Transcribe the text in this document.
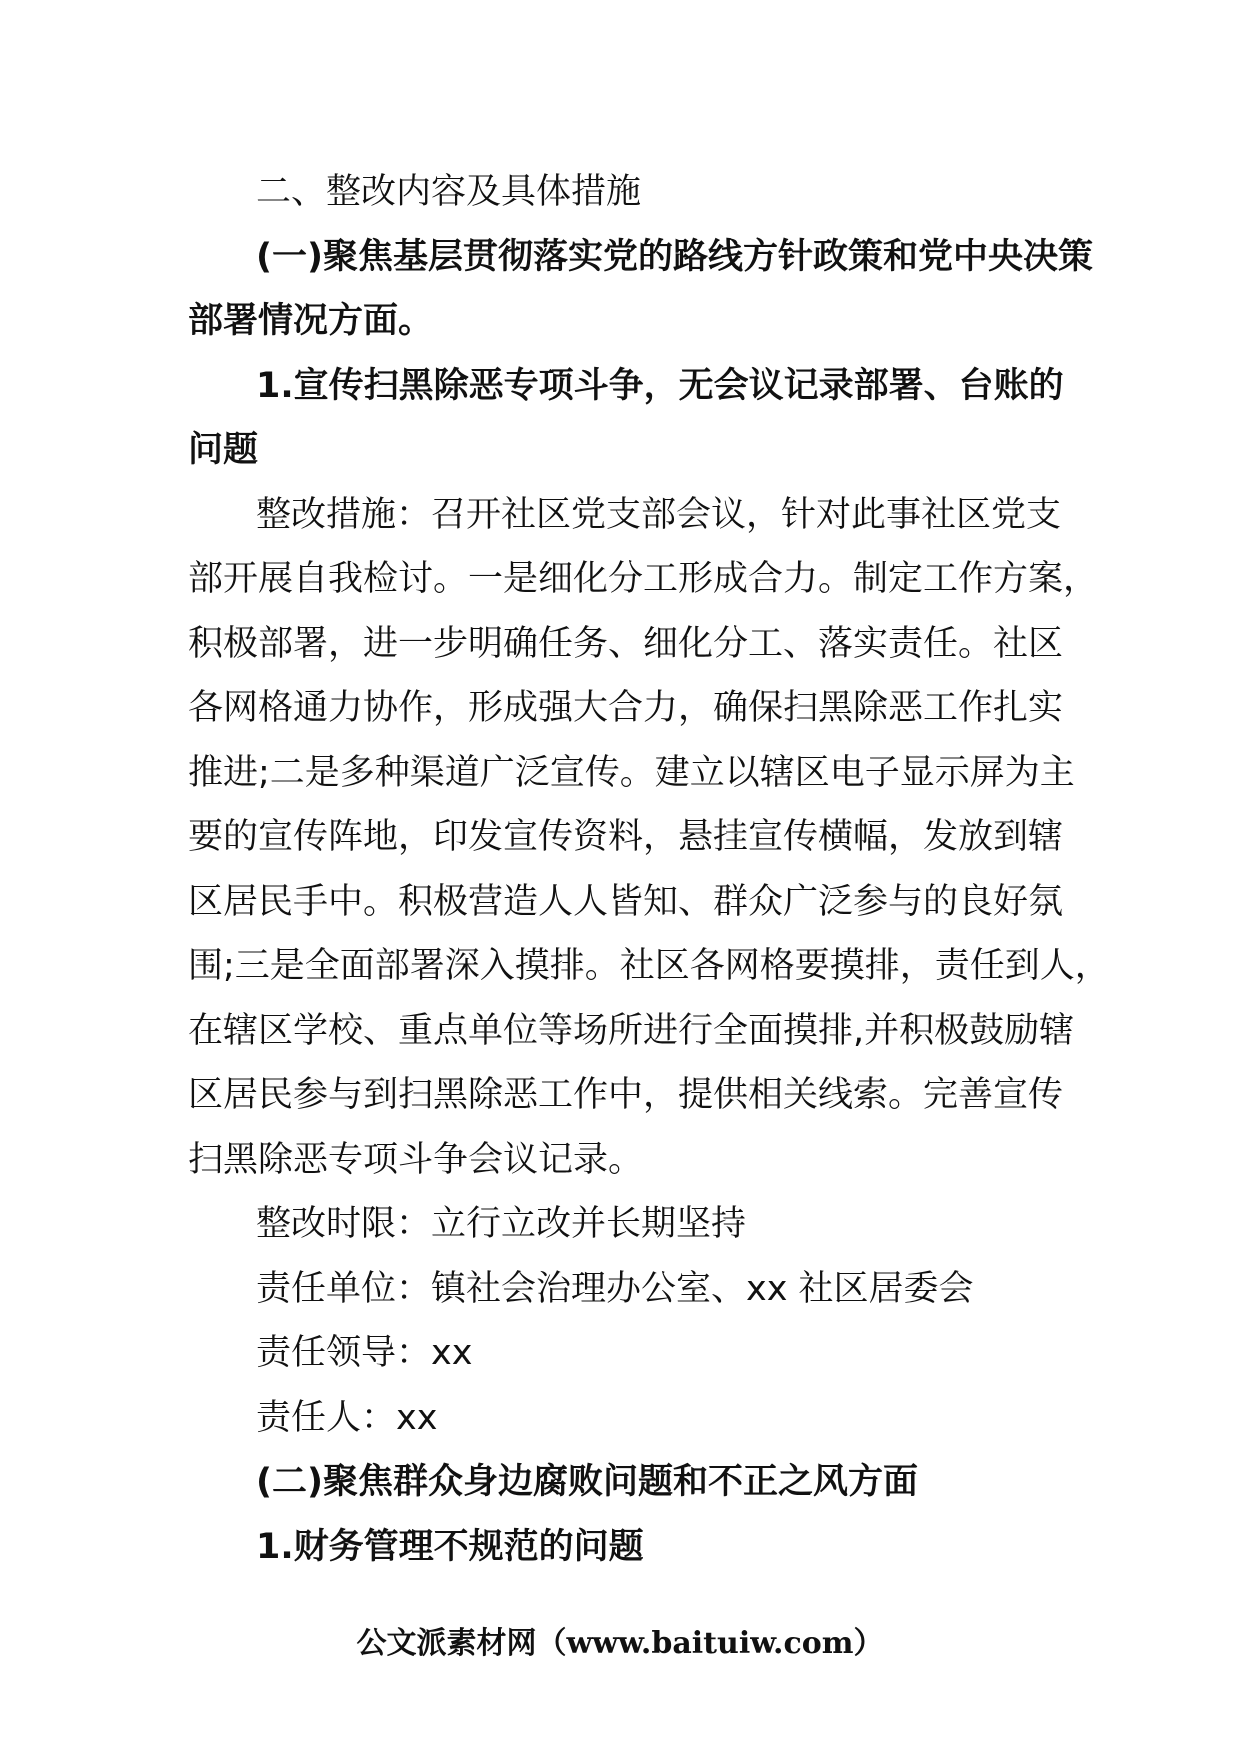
二、整改内容及具体措施
(一)聚焦基层贯彻落实党的路线方针政策和党中央决策
部署情况方面。
1.宣传扫黑除恶专项斗争，无会议记录部署、台账的
问题
整改措施：召开社区党支部会议，针对此事社区党支
部开展自我检讨。一是细化分工形成合力。制定工作方案，
积极部署，进一步明确任务、细化分工、落实责任。社区
各网格通力协作，形成强大合力，确保扫黑除恶工作扎实
推进;二是多种渠道广泛宣传。建立以辖区电子显示屏为主
要的宣传阵地，印发宣传资料，悬挂宣传横幅，发放到辖
区居民手中。积极营造人人皆知、群众广泛参与的良好氛
围;三是全面部署深入摸排。社区各网格要摸排，责任到人，
在辖区学校、重点单位等场所进行全面摸排,并积极鼓励辖
区居民参与到扫黑除恶工作中，提供相关线索。完善宣传
扫黑除恶专项斗争会议记录。
整改时限：立行立改并长期坚持
责任单位：镇社会治理办公室、xx 社区居委会
责任领导：xx
责任人：xx
(二)聚焦群众身边腐败问题和不正之风方面
1.财务管理不规范的问题
公文派素材网（www.baituiw.com）
